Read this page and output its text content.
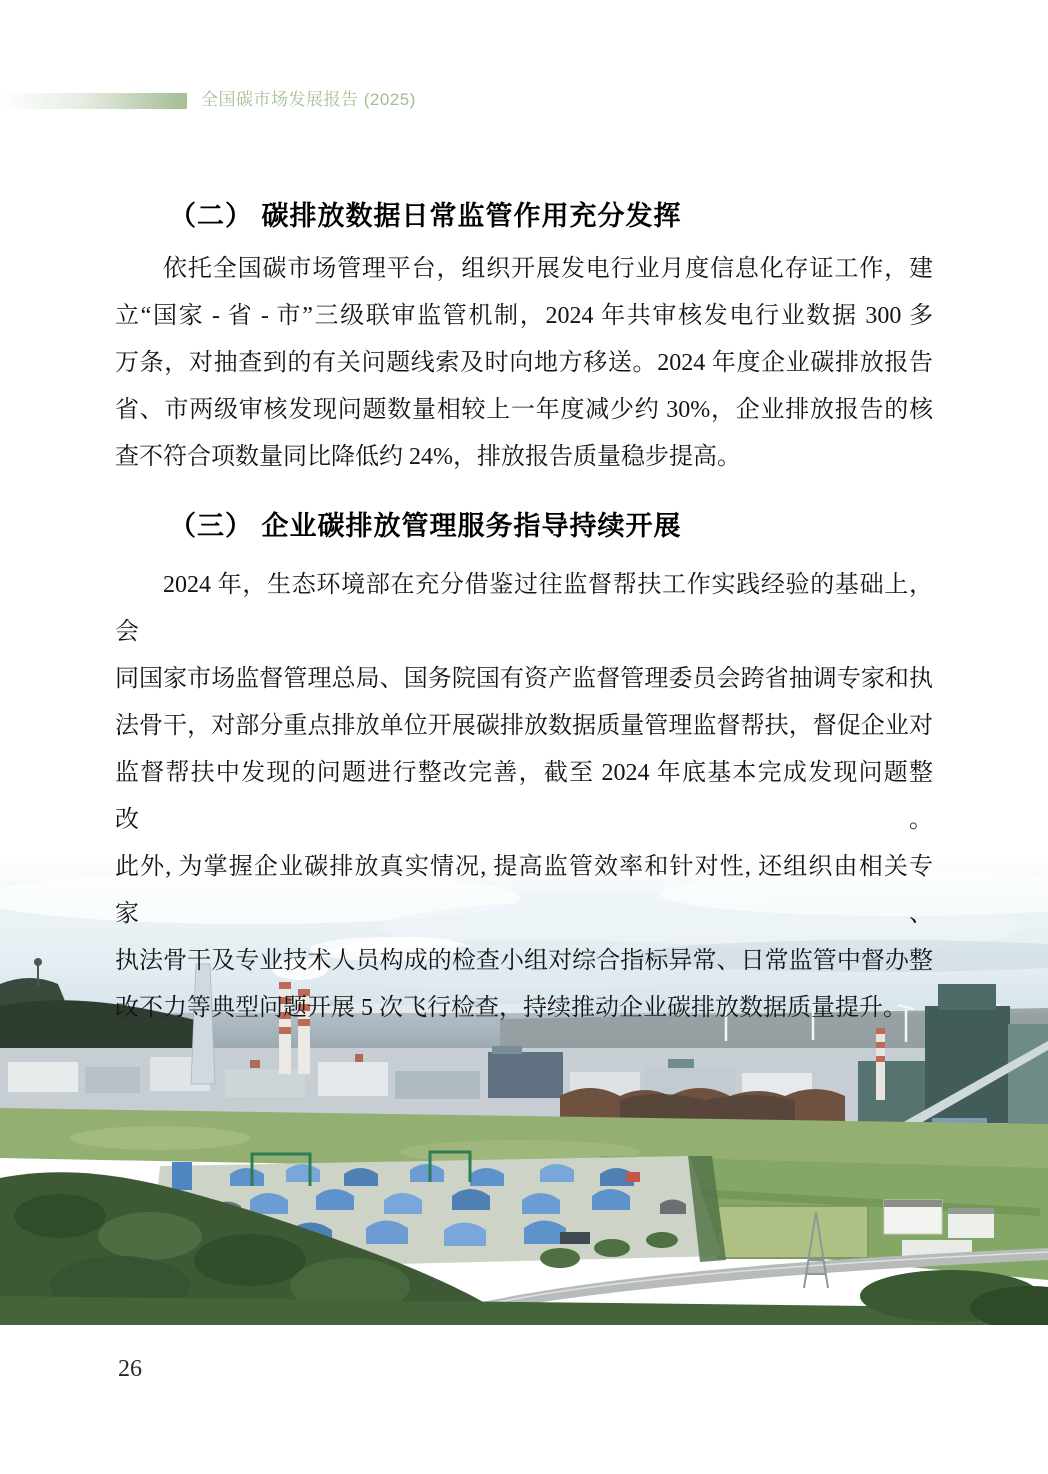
全国碳市场发展报告 (2025)
（二） 碳排放数据日常监管作用充分发挥
依托全国碳市场管理平台，组织开展发电行业月度信息化存证工作，建
立“国家 - 省 - 市”三级联审监管机制，2024 年共审核发电行业数据 300 多
万条，对抽查到的有关问题线索及时向地方移送。2024 年度企业碳排放报告
省、市两级审核发现问题数量相较上一年度减少约 30%，企业排放报告的核
查不符合项数量同比降低约 24%，排放报告质量稳步提高。
（三） 企业碳排放管理服务指导持续开展
2024 年，生态环境部在充分借鉴过往监督帮扶工作实践经验的基础上，会
同国家市场监督管理总局、国务院国有资产监督管理委员会跨省抽调专家和执
法骨干，对部分重点排放单位开展碳排放数据质量管理监督帮扶，督促企业对
监督帮扶中发现的问题进行整改完善，截至 2024 年底基本完成发现问题整改。
此外, 为掌握企业碳排放真实情况, 提高监管效率和针对性, 还组织由相关专家、
执法骨干及专业技术人员构成的检查小组对综合指标异常、日常监管中督办整
改不力等典型问题开展 5 次飞行检查，持续推动企业碳排放数据质量提升。
26
